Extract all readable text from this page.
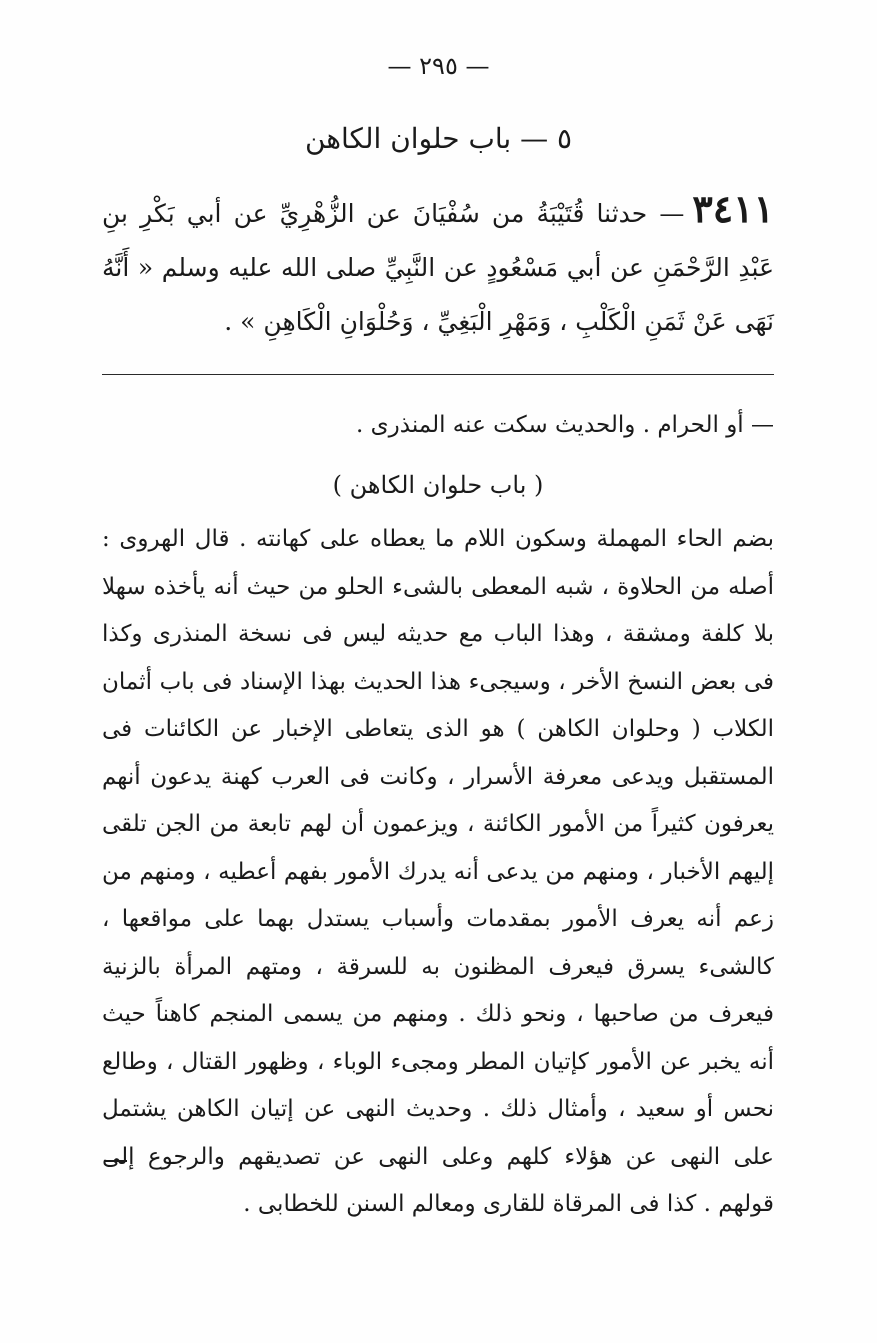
— ٢٩٥ —
٥ — باب حلوان الكاهن
٣٤١١— حدثنا قُتَيْبَةُ من سُفْيَانَ عن الزُّهْرِيِّ عن أبي بَكْرِ بنِ عَبْدِ الرَّحْمَنِ عن أبي مَسْعُودٍ عن النَّبِيِّ صلى الله عليه وسلم « أَنَّهُ نَهَى عَنْ ثَمَنِ الْكَلْبِ ، وَمَهْرِ الْبَغِيِّ ، وَحُلْوَانِ الْكَاهِنِ » .

— أو الحرام . والحديث سكت عنه المنذرى .

( باب حلوان الكاهن )

بضم الحاء المهملة وسكون اللام ما يعطاه على كهانته . قال الهروى : أصله من الحلاوة ، شبه المعطى بالشىء الحلو من حيث أنه يأخذه سهلا بلا كلفة ومشقة ، وهذا الباب مع حديثه ليس فى نسخة المنذرى وكذا فى بعض النسخ الأخر ، وسيجىء هذا الحديث بهذا الإسناد فى باب أثمان الكلاب ( وحلوان الكاهن ) هو الذى يتعاطى الإخبار عن الكائنات فى المستقبل ويدعى معرفة الأسرار ، وكانت فى العرب كهنة يدعون أنهم يعرفون كثيراً من الأمور الكائنة ، ويزعمون أن لهم تابعة من الجن تلقى إليهم الأخبار ، ومنهم من يدعى أنه يدرك الأمور بفهم أعطيه ، ومنهم من زعم أنه يعرف الأمور بمقدمات وأسباب يستدل بهما على مواقعها ، كالشىء يسرق فيعرف المظنون به للسرقة ، ومتهم المرأة بالزنية فيعرف من صاحبها ، ونحو ذلك . ومنهم من يسمى المنجم كاهناً حيث أنه يخبر عن الأمور كإتيان المطر ومجىء الوباء ، وظهور القتال ، وطالع نحس أو سعيد ، وأمثال ذلك . وحديث النهى عن إتيان الكاهن يشتمل على النهى عن هؤلاء كلهم وعلى النهى عن تصديقهم والرجوع إلى قولهم . كذا فى المرقاة للقارى ومعالم السنن للخطابى .
